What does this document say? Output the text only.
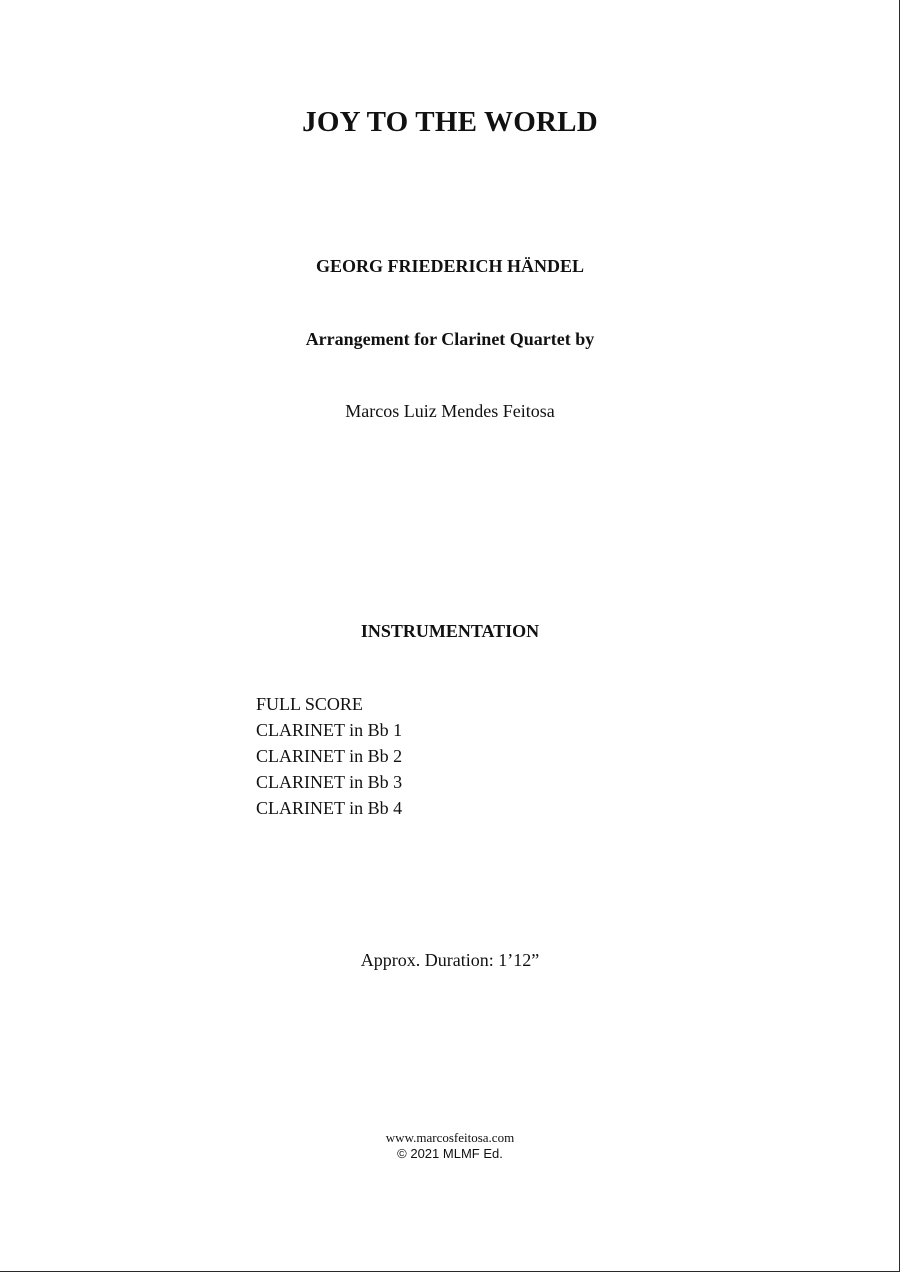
JOY TO THE WORLD
GEORG FRIEDERICH HÄNDEL
Arrangement for Clarinet Quartet by
Marcos Luiz Mendes Feitosa
INSTRUMENTATION
FULL SCORE
CLARINET in Bb 1
CLARINET in Bb 2
CLARINET in Bb 3
CLARINET in Bb 4
Approx. Duration: 1’12”
www.marcosfeitosa.com
© 2021 MLMF Ed.
